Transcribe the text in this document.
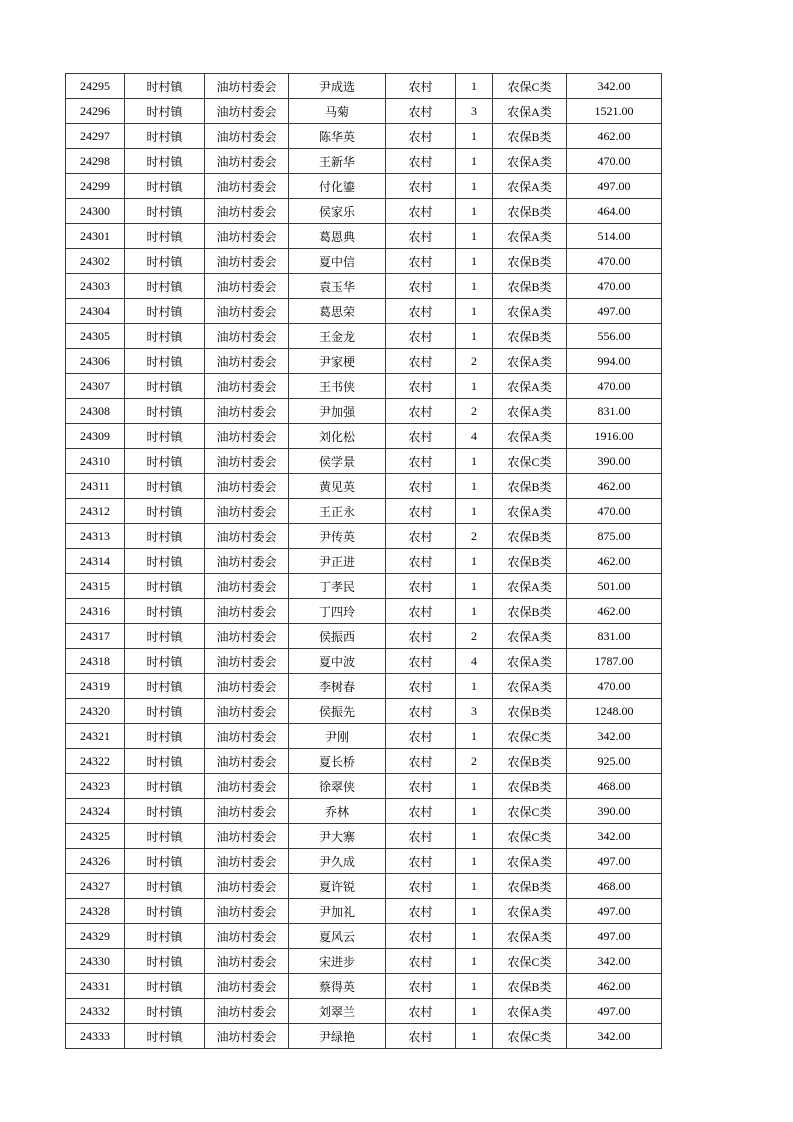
24295	时村镇	油坊村委会	尹成选	农村	1	农保C类	342.00
24296	时村镇	油坊村委会	马菊	农村	3	农保A类	1521.00
24297	时村镇	油坊村委会	陈华英	农村	1	农保B类	462.00
24298	时村镇	油坊村委会	王新华	农村	1	农保A类	470.00
24299	时村镇	油坊村委会	付化鎏	农村	1	农保A类	497.00
24300	时村镇	油坊村委会	侯家乐	农村	1	农保B类	464.00
24301	时村镇	油坊村委会	葛恩典	农村	1	农保A类	514.00
24302	时村镇	油坊村委会	夏中信	农村	1	农保B类	470.00
24303	时村镇	油坊村委会	袁玉华	农村	1	农保B类	470.00
24304	时村镇	油坊村委会	葛思荣	农村	1	农保A类	497.00
24305	时村镇	油坊村委会	王金龙	农村	1	农保B类	556.00
24306	时村镇	油坊村委会	尹家梗	农村	2	农保A类	994.00
24307	时村镇	油坊村委会	王书侠	农村	1	农保A类	470.00
24308	时村镇	油坊村委会	尹加强	农村	2	农保A类	831.00
24309	时村镇	油坊村委会	刘化松	农村	4	农保A类	1916.00
24310	时村镇	油坊村委会	侯学景	农村	1	农保C类	390.00
24311	时村镇	油坊村委会	黄见英	农村	1	农保B类	462.00
24312	时村镇	油坊村委会	王正永	农村	1	农保A类	470.00
24313	时村镇	油坊村委会	尹传英	农村	2	农保B类	875.00
24314	时村镇	油坊村委会	尹正进	农村	1	农保B类	462.00
24315	时村镇	油坊村委会	丁孝民	农村	1	农保A类	501.00
24316	时村镇	油坊村委会	丁四玲	农村	1	农保B类	462.00
24317	时村镇	油坊村委会	侯振西	农村	2	农保A类	831.00
24318	时村镇	油坊村委会	夏中波	农村	4	农保A类	1787.00
24319	时村镇	油坊村委会	李树春	农村	1	农保A类	470.00
24320	时村镇	油坊村委会	侯振先	农村	3	农保B类	1248.00
24321	时村镇	油坊村委会	尹刚	农村	1	农保C类	342.00
24322	时村镇	油坊村委会	夏长桥	农村	2	农保B类	925.00
24323	时村镇	油坊村委会	徐翠侠	农村	1	农保B类	468.00
24324	时村镇	油坊村委会	乔林	农村	1	农保C类	390.00
24325	时村镇	油坊村委会	尹大寨	农村	1	农保C类	342.00
24326	时村镇	油坊村委会	尹久成	农村	1	农保A类	497.00
24327	时村镇	油坊村委会	夏许锐	农村	1	农保B类	468.00
24328	时村镇	油坊村委会	尹加礼	农村	1	农保A类	497.00
24329	时村镇	油坊村委会	夏风云	农村	1	农保A类	497.00
24330	时村镇	油坊村委会	宋进步	农村	1	农保C类	342.00
24331	时村镇	油坊村委会	蔡得英	农村	1	农保B类	462.00
24332	时村镇	油坊村委会	刘翠兰	农村	1	农保A类	497.00
24333	时村镇	油坊村委会	尹绿艳	农村	1	农保C类	342.00
